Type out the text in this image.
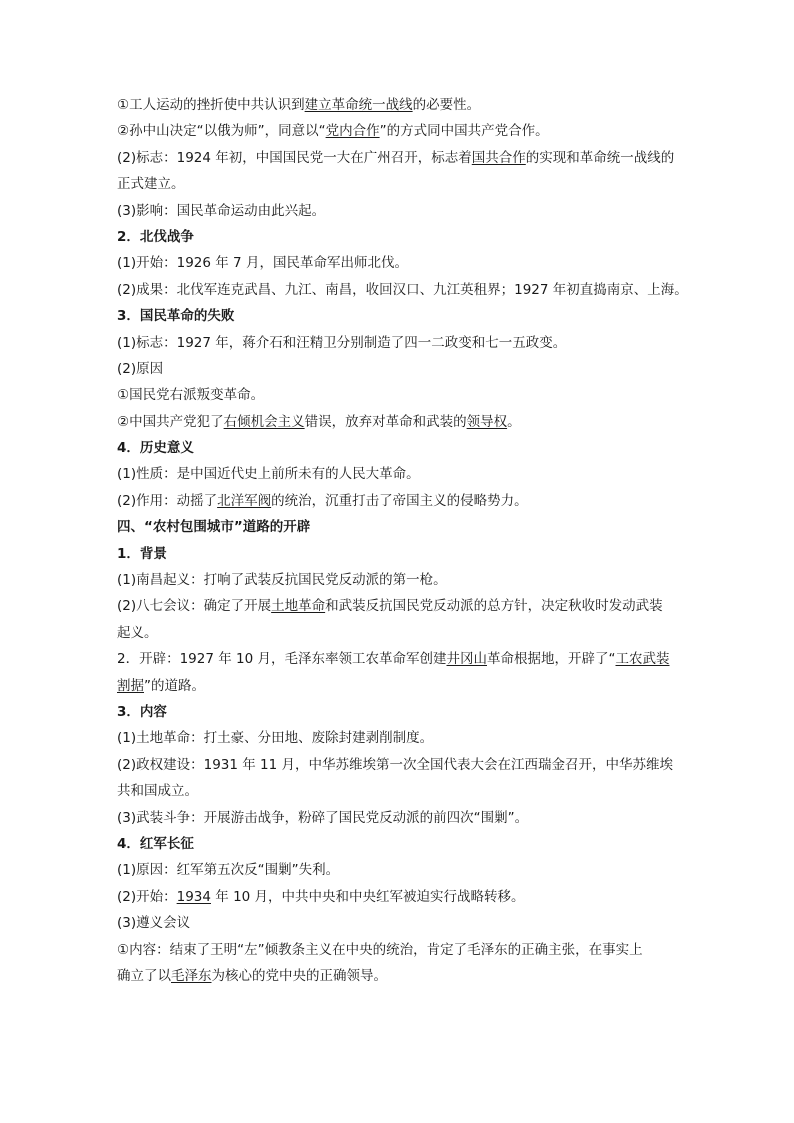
①工人运动的挫折使中共认识到建立革命统一战线的必要性。
②孙中山决定“以俄为师”，同意以“党内合作”的方式同中国共产党合作。
(2)标志：1924 年初，中国国民党一大在广州召开，标志着国共合作的实现和革命统一战线的
正式建立。
(3)影响：国民革命运动由此兴起。
2．北伐战争
(1)开始：1926 年 7 月，国民革命军出师北伐。
(2)成果：北伐军连克武昌、九江、南昌，收回汉口、九江英租界；1927 年初直捣南京、上海。
3．国民革命的失败
(1)标志：1927 年，蒋介石和汪精卫分别制造了四一二政变和七一五政变。
(2)原因
①国民党右派叛变革命。
②中国共产党犯了右倾机会主义错误，放弃对革命和武装的领导权。
4．历史意义
(1)性质：是中国近代史上前所未有的人民大革命。
(2)作用：动摇了北洋军阀的统治，沉重打击了帝国主义的侵略势力。
四、“农村包围城市”道路的开辟
1．背景
(1)南昌起义：打响了武装反抗国民党反动派的第一枪。
(2)八七会议：确定了开展土地革命和武装反抗国民党反动派的总方针，决定秋收时发动武装
起义。
2．开辟：1927 年 10 月，毛泽东率领工农革命军创建井冈山革命根据地，开辟了“工农武装
割据”的道路。
3．内容
(1)土地革命：打土豪、分田地、废除封建剥削制度。
(2)政权建设：1931 年 11 月，中华苏维埃第一次全国代表大会在江西瑞金召开，中华苏维埃
共和国成立。
(3)武装斗争：开展游击战争，粉碎了国民党反动派的前四次“围剿”。
4．红军长征
(1)原因：红军第五次反“围剿”失利。
(2)开始：1934 年 10 月，中共中央和中央红军被迫实行战略转移。
(3)遵义会议
①内容：结束了王明“左”倾教条主义在中央的统治，肯定了毛泽东的正确主张，在事实上
确立了以毛泽东为核心的党中央的正确领导。
